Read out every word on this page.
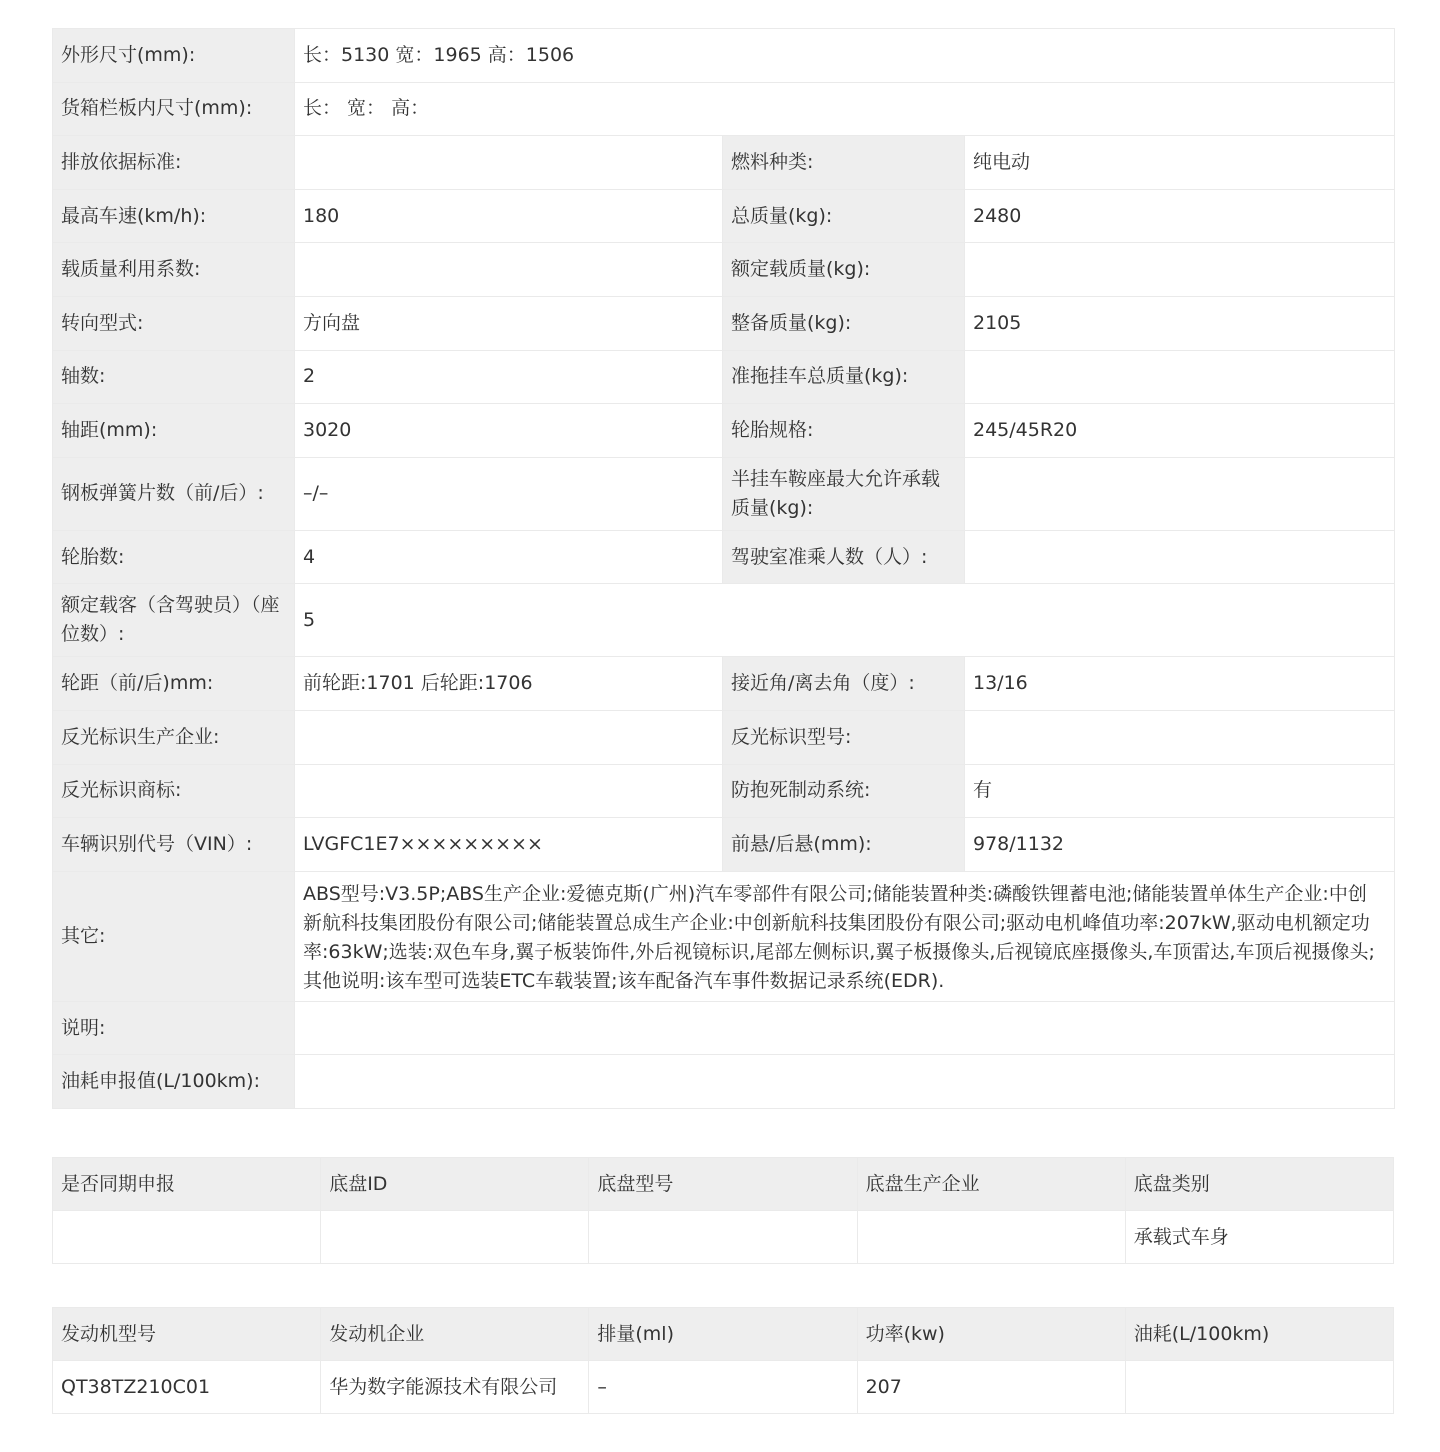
外形尺寸(mm):	长：5130 宽：1965 高：1506		
货箱栏板内尺寸(mm):	长： 宽： 高：		
排放依据标准:		燃料种类:	纯电动
最高车速(km/h):	180	总质量(kg):	2480
载质量利用系数:		额定载质量(kg):	
转向型式:	方向盘	整备质量(kg):	2105
轴数:	2	准拖挂车总质量(kg):	
轴距(mm):	3020	轮胎规格:	245/45R20
钢板弹簧片数（前/后）:	–/–	半挂车鞍座最大允许承载质量(kg):	
轮胎数:	4	驾驶室准乘人数（人）:	
额定载客（含驾驶员）（座位数）:	5		
轮距（前/后)mm:	前轮距:1701 后轮距:1706	接近角/离去角（度）:	13/16
反光标识生产企业:		反光标识型号:	
反光标识商标:		防抱死制动系统:	有
车辆识别代号（VIN）:	LVGFC1E7×××××××××	前悬/后悬(mm):	978/1132
其它:	ABS型号:V3.5P;ABS生产企业:爱德克斯(广州)汽车零部件有限公司;储能装置种类:磷酸铁锂蓄电池;储能装置单体生产企业:中创新航科技集团股份有限公司;储能装置总成生产企业:中创新航科技集团股份有限公司;驱动电机峰值功率:207kW,驱动电机额定功率:63kW;选装:双色车身,翼子板装饰件,外后视镜标识,尾部左侧标识,翼子板摄像头,后视镜底座摄像头,车顶雷达,车顶后视摄像头;其他说明:该车型可选装ETC车载装置;该车配备汽车事件数据记录系统(EDR).		
说明:			
油耗申报值(L/100km):			
是否同期申报	底盘ID	底盘型号	底盘生产企业	底盘类别
				承载式车身
发动机型号	发动机企业	排量(ml)	功率(kw)	油耗(L/100km)
QT38TZ210C01	华为数字能源技术有限公司	–	207	
